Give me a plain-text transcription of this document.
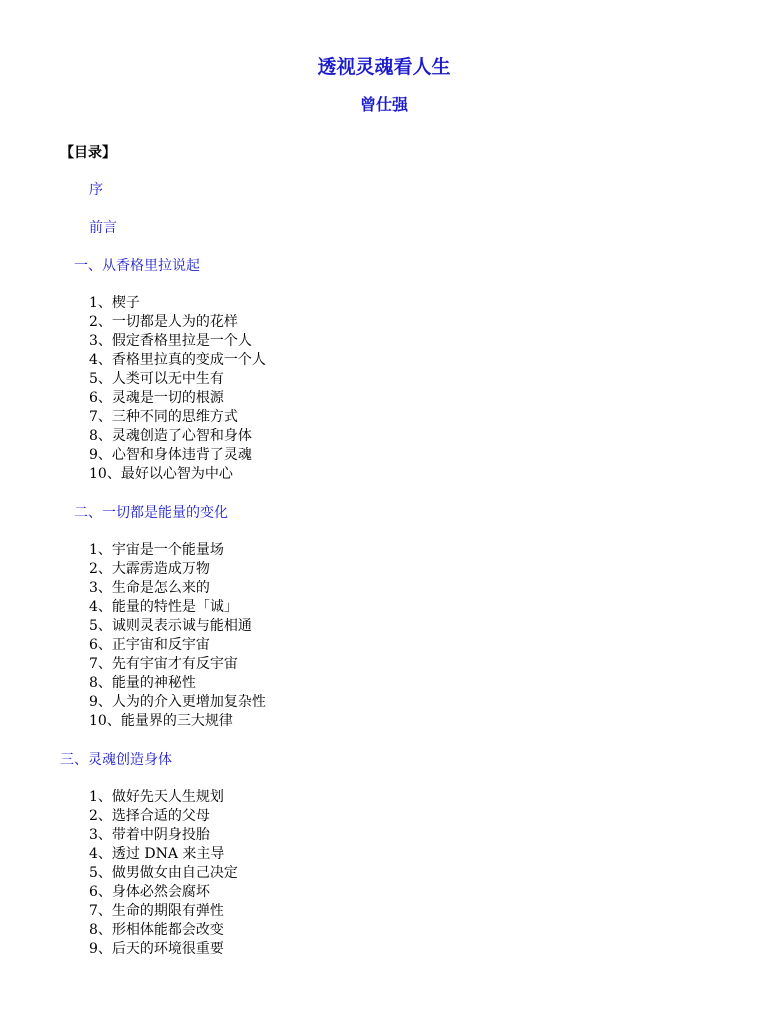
透视灵魂看人生
曾仕强
【目录】
序
前言
一、从香格里拉说起
1、楔子
2、一切都是人为的花样
3、假定香格里拉是一个人
4、香格里拉真的变成一个人
5、人类可以无中生有
6、灵魂是一切的根源
7、三种不同的思维方式
8、灵魂创造了心智和身体
9、心智和身体违背了灵魂
10、最好以心智为中心
二、一切都是能量的变化
1、宇宙是一个能量场
2、大霹雳造成万物
3、生命是怎么来的
4、能量的特性是「诚」
5、诚则灵表示诚与能相通
6、正宇宙和反宇宙
7、先有宇宙才有反宇宙
8、能量的神秘性
9、人为的介入更增加复杂性
10、能量界的三大规律
三、灵魂创造身体
1、做好先天人生规划
2、选择合适的父母
3、带着中阴身投胎
4、透过 DNA 来主导
5、做男做女由自己决定
6、身体必然会腐坏
7、生命的期限有弹性
8、形相体能都会改变
9、后天的环境很重要
